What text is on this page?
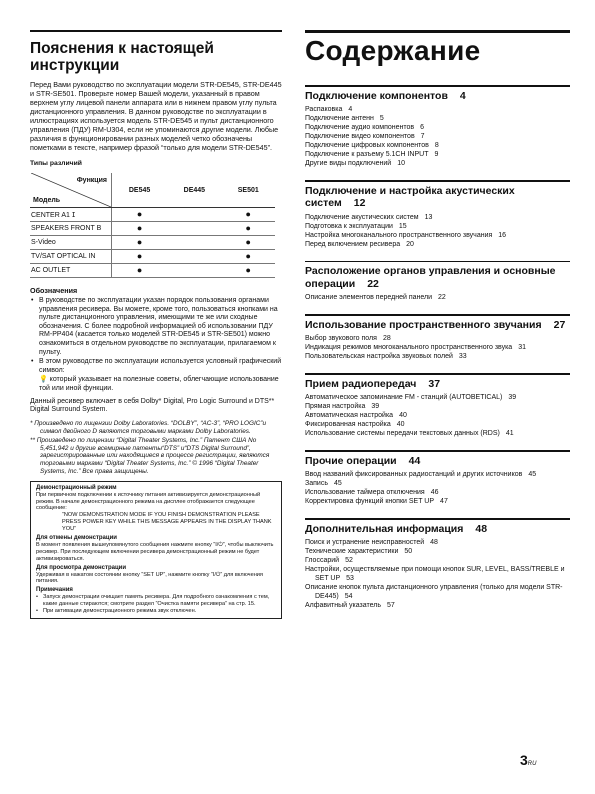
Пояснения к настоящей инструкции

Перед Вами руководство по эксплуатации модели STR-DE545, STR-DE445 и STR-SE501. Проверьте номер Вашей модели, указанный в правом верхнем углу лицевой панели аппарата или в нижнем правом углу пульта дистанционного управления. В данном руководстве по эксплуатации в иллюстрациях используется модель STR-DE545 и пульт дистанционного управления (ПДУ) RM-U304, если не упоминаются другие модели. Любые различия в функционировании разных моделей четко обозначены пометками в тексте, например фразой “только для модели STR-DE545”.

Типы различий
Функция
Модель	DE545	DE445	SE501
CENTER A1 ⵊ	●		●
SPEAKERS FRONT B	●		●
S-Video	●		●
TV/SAT OPTICAL IN	●		●
AC OUTLET	●		●
Обозначения
• В руководстве по эксплуатации указан порядок пользования органами управления ресивера. Вы можете, кроме того, пользоваться кнопками на пульте дистанционного управления, имеющими те же или сходные обозначения. С более подробной информацией об использовании ПДУ RM-PP404 (касается только моделей STR-DE545 и STR-SE501) можно ознакомиться в отдельном руководстве по эксплуатации, прилагаемом к пульту.
• В этом руководстве по эксплуатации используется условный графический символ:
💡 который указывает на полезные советы, облегчающие использование той или иной функции.

Данный ресивер включает в себя Dolby* Digital, Pro Logic Surround и DTS** Digital Surround System.

* Произведено по лицензии Dolby Laboratories. “DOLBY”, “AC-3”, “PRO LOGIC”и символ двойного D являются торговыми марками Dolby Laboratories.

** Произведено по лицензии “Digital Theater Systems, Inc.” Патент США No 5,451,942 и другие всемирные патенты“DTS” и“DTS Digital Surround”, зарегистрированные или находящиеся в процессе регистрации, являются торговыми марками “Digital Theater Systems, Inc.” © 1996 “Digital Theater Systems, Inc.” Все права защищены.

Демонстрационный режим
При первичном подключении к источнику питания активизируется демонстрационный режим. В начале демонстрационного режима на дисплее отображается следующее сообщение:
“NOW DEMONSTRATION MODE IF YOU FINISH DEMONSTRATION PLEASE PRESS POWER KEY WHILE THIS MESSAGE APPEARS IN THE DISPLAY THANK YOU”
Для отмены демонстрации
В момент появления вышеупомянутого сообщения нажмите кнопку “I/⏻”, чтобы выключить ресивер. При последующем включении ресивера демонстрационный режим не будет активизироваться.
Для просмотра демонстрации
Удерживая в нажатом состоянии кнопку “SET UP”, нажмите кнопку “I/⏻” для включения питания.
Примечания
• Запуск демонстрации очищает память ресивера. Для подробного ознакомления с тем, какие данные стираются; смотрите раздел “Очистка памяти ресивера” на стр. 15.
• При активации демонстрационного режима звук отключен.
Содержание
Подключение компонентов 4
Распаковка 4
Подключение антенн 5
Подключение аудио компонентов 6
Подключение видео компонентов 7
Подключение цифровых компонентов 8
Подключение к разъему 5.1CH INPUT 9
Другие виды подключений 10
Подключение и настройка акустических систем 12
Подключение акустических систем 13
Подготовка к эксплуатации 15
Настройка многоканального пространственного звучания 16
Перед включением ресивера 20
Расположение органов управления и основные операции 22
Описание элементов передней панели 22
Использование пространственного звучания 27
Выбор звукового поля 28
Индикация режимов многоканального пространственного звука 31
Пользовательская настройка звуковых полей 33
Прием радиопередач 37
Автоматическое запоминание FM - станций (AUTOBETICAL) 39
Прямая настройка 39
Автоматическая настройка 40
Фиксированная настройка 40
Использование системы передачи текстовых данных (RDS) 41
Прочие операции 44
Ввод названий фиксированных радиостанций и других источников 45
Запись 45
Использование таймера отключения 46
Корректировка функций кнопки SET UP 47
Дополнительная информация 48
Поиск и устранение неисправностей 48
Технические характеристики 50
Глоссарий 52
Настройки, осуществляемые при помощи кнопок SUR, LEVEL, BASS/TREBLE и SET UP 53
Описание кнопок пульта дистанционного управления (только для модели STR-DE445) 54
Алфавитный указатель 57
3RU
